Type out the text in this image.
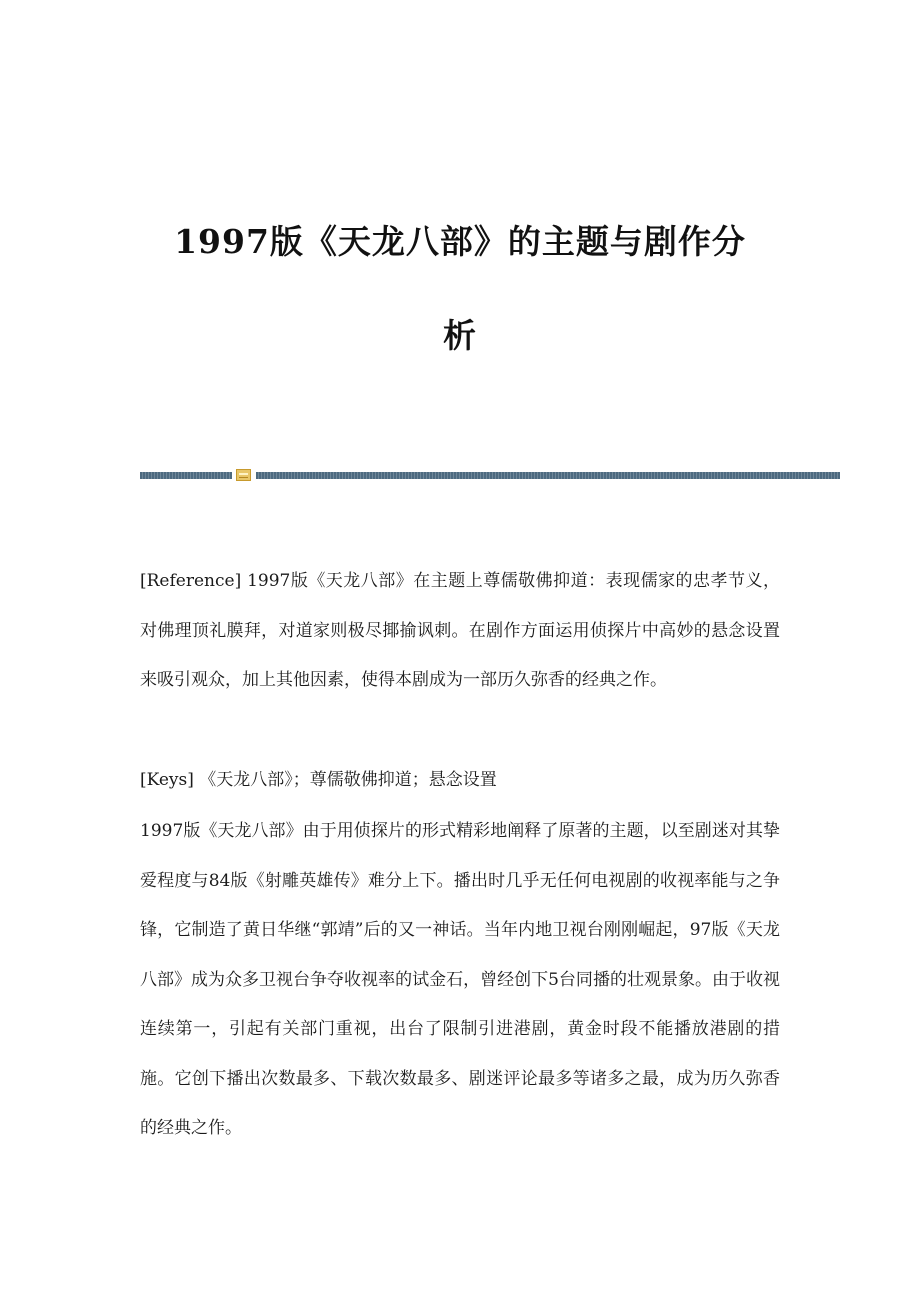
1997版《天龙八部》的主题与剧作分
析

[Reference] 1997版《天龙八部》在主题上尊儒敬佛抑道：表现儒家的忠孝节义，对佛理顶礼膜拜，对道家则极尽揶揄讽刺。在剧作方面运用侦探片中高妙的悬念设置来吸引观众，加上其他因素，使得本剧成为一部历久弥香的经典之作。

[Keys] 《天龙八部》；尊儒敬佛抑道；悬念设置

1997版《天龙八部》由于用侦探片的形式精彩地阐释了原著的主题，以至剧迷对其挚爱程度与84版《射雕英雄传》难分上下。播出时几乎无任何电视剧的收视率能与之争锋，它制造了黄日华继“郭靖”后的又一神话。当年内地卫视台刚刚崛起，97版《天龙八部》成为众多卫视台争夺收视率的试金石，曾经创下5台同播的壮观景象。由于收视连续第一，引起有关部门重视，出台了限制引进港剧，黄金时段不能播放港剧的措施。它创下播出次数最多、下载次数最多、剧迷评论最多等诸多之最，成为历久弥香的经典之作。
